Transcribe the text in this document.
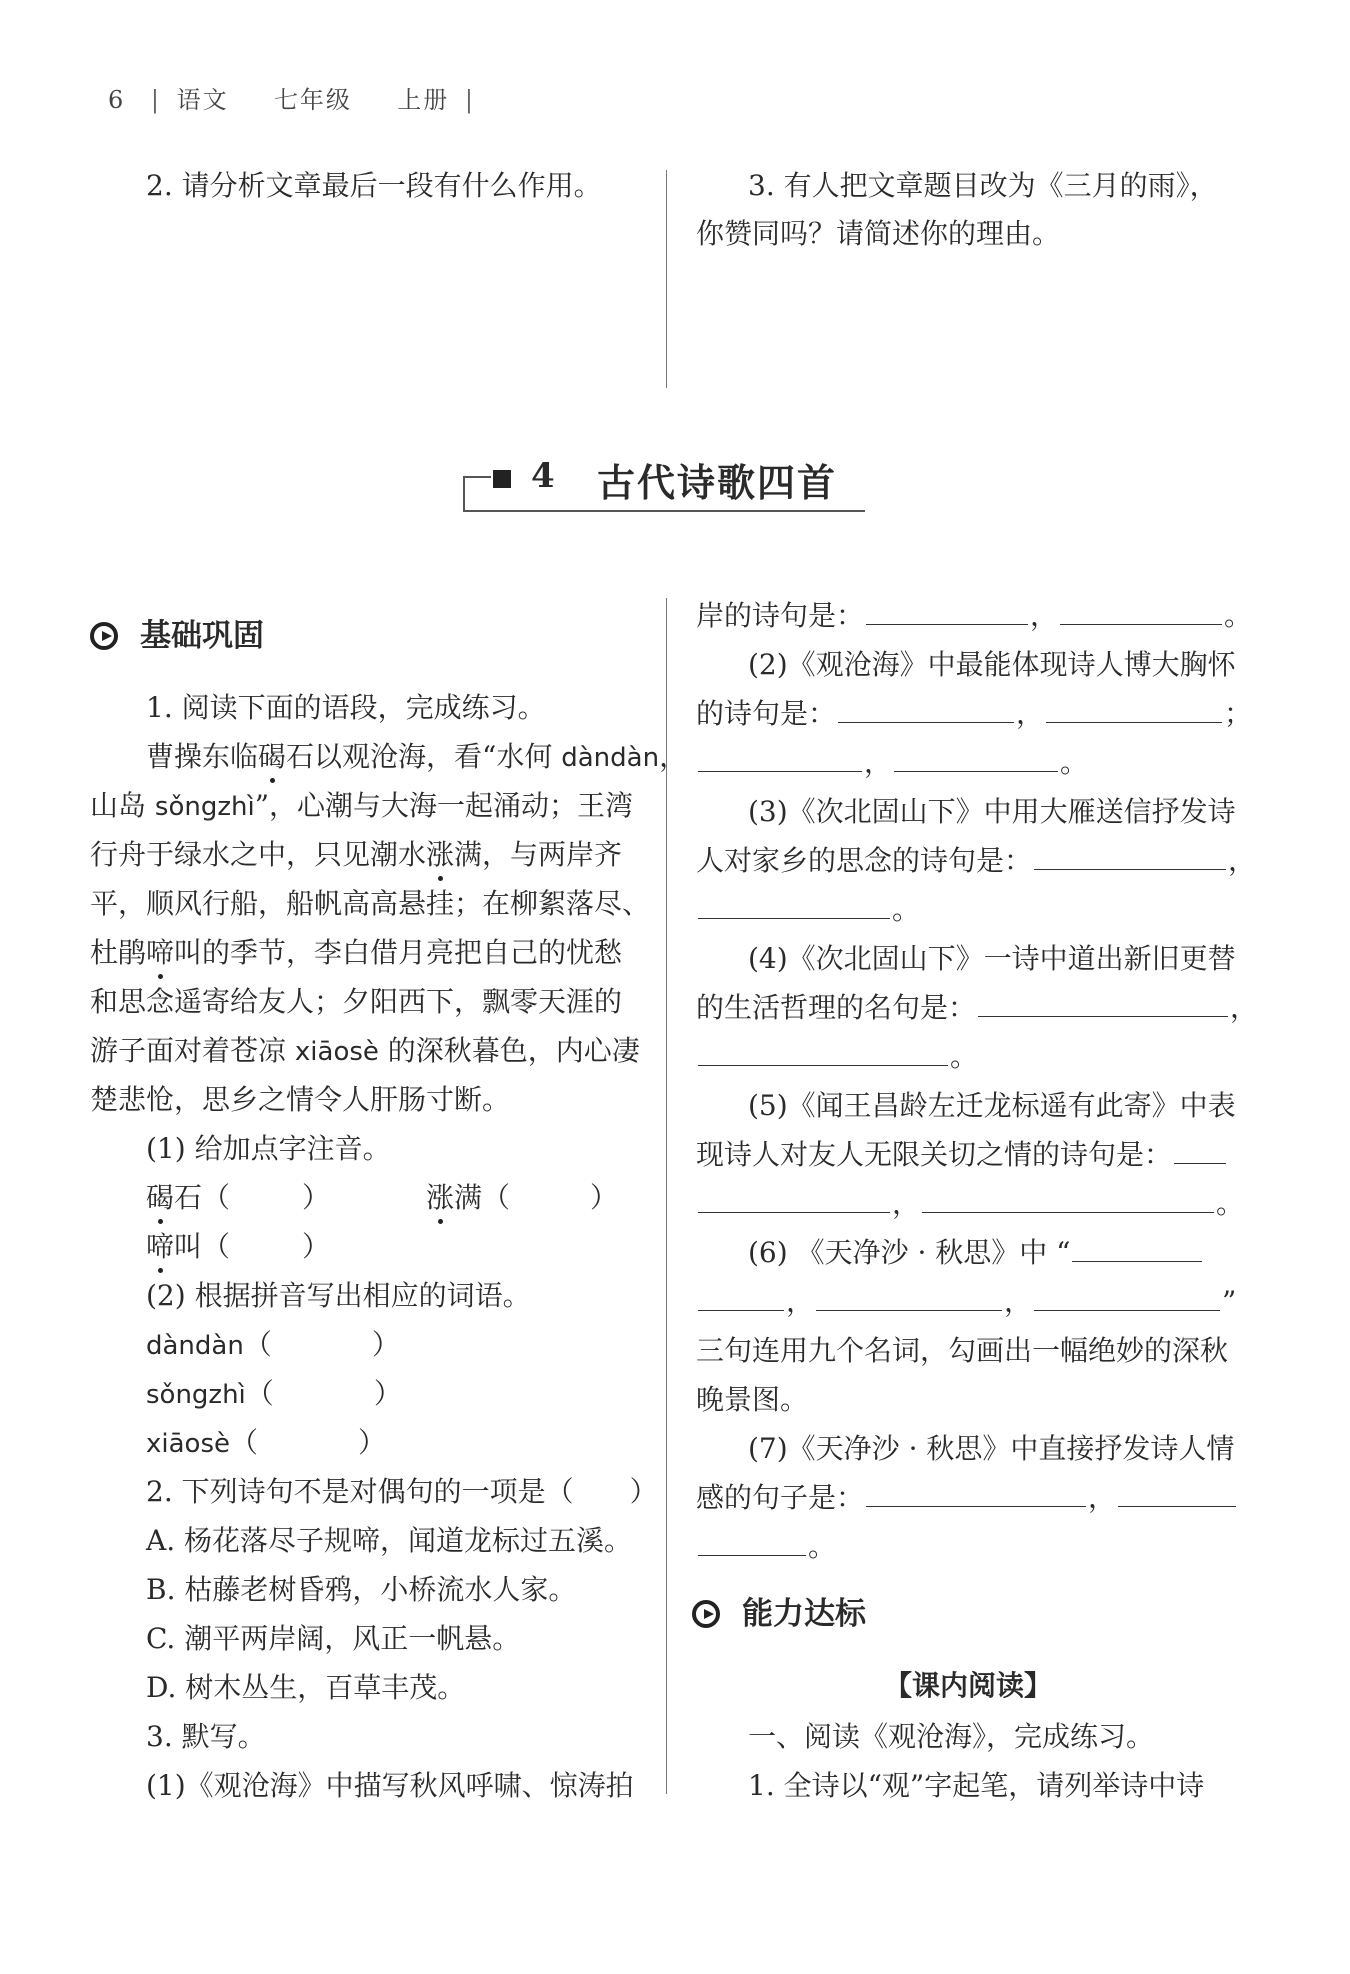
6 | 语文 七年级 上册 |
2. 请分析文章最后一段有什么作用。	3. 有人把文章题目改为《三月的雨》，
你赞同吗？请简述你的理由。
4 古代诗歌四首
基础巩固
1. 阅读下面的语段，完成练习。
曹操东临碣石以观沧海，看“水何 dàndàn，
山岛 sǒngzhì”，心潮与大海一起涌动；王湾
行舟于绿水之中，只见潮水涨满，与两岸齐
平，顺风行船，船帆高高悬挂；在柳絮落尽、
杜鹃啼叫的季节，李白借月亮把自己的忧愁
和思念遥寄给友人；夕阳西下，飘零天涯的
游子面对着苍凉 xiāosè 的深秋暮色，内心凄
楚悲怆，思乡之情令人肝肠寸断。
(1) 给加点字注音。
碣石（	）	涨满（	）
啼叫（	）
(2) 根据拼音写出相应的词语。
dàndàn（	）
sǒngzhì（	）
xiāosè（	）
2. 下列诗句不是对偶句的一项是（　　）
A. 杨花落尽子规啼，闻道龙标过五溪。
B. 枯藤老树昏鸦，小桥流水人家。
C. 潮平两岸阔，风正一帆悬。
D. 树木丛生，百草丰茂。
3. 默写。
(1)《观沧海》中描写秋风呼啸、惊涛拍
岸的诗句是：	，	。
(2)《观沧海》中最能体现诗人博大胸怀
的诗句是：	，	；
，	。
(3)《次北固山下》中用大雁送信抒发诗
人对家乡的思念的诗句是：	，
。
(4)《次北固山下》一诗中道出新旧更替
的生活哲理的名句是：	，
。
(5)《闻王昌龄左迁龙标遥有此寄》中表
现诗人对友人无限关切之情的诗句是：
，	。
(6) 《天净沙 · 秋思》中 “
，	，	”
三句连用九个名词，勾画出一幅绝妙的深秋
晚景图。
(7)《天净沙 · 秋思》中直接抒发诗人情
感的句子是：	，
。
能力达标
【课内阅读】
一、阅读《观沧海》，完成练习。
1. 全诗以“观”字起笔，请列举诗中诗
